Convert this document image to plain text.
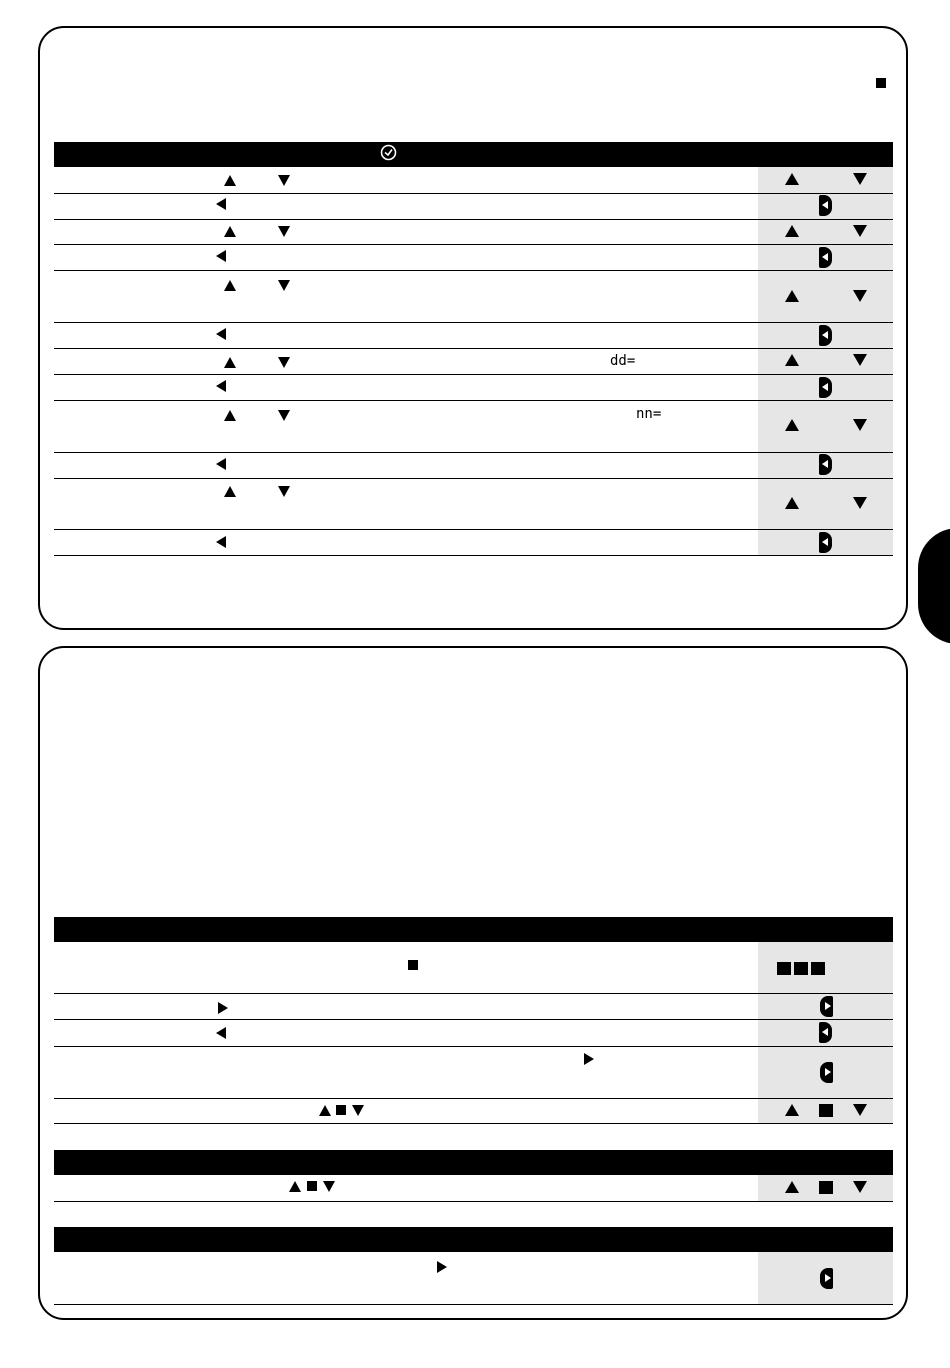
dd=
nn=
